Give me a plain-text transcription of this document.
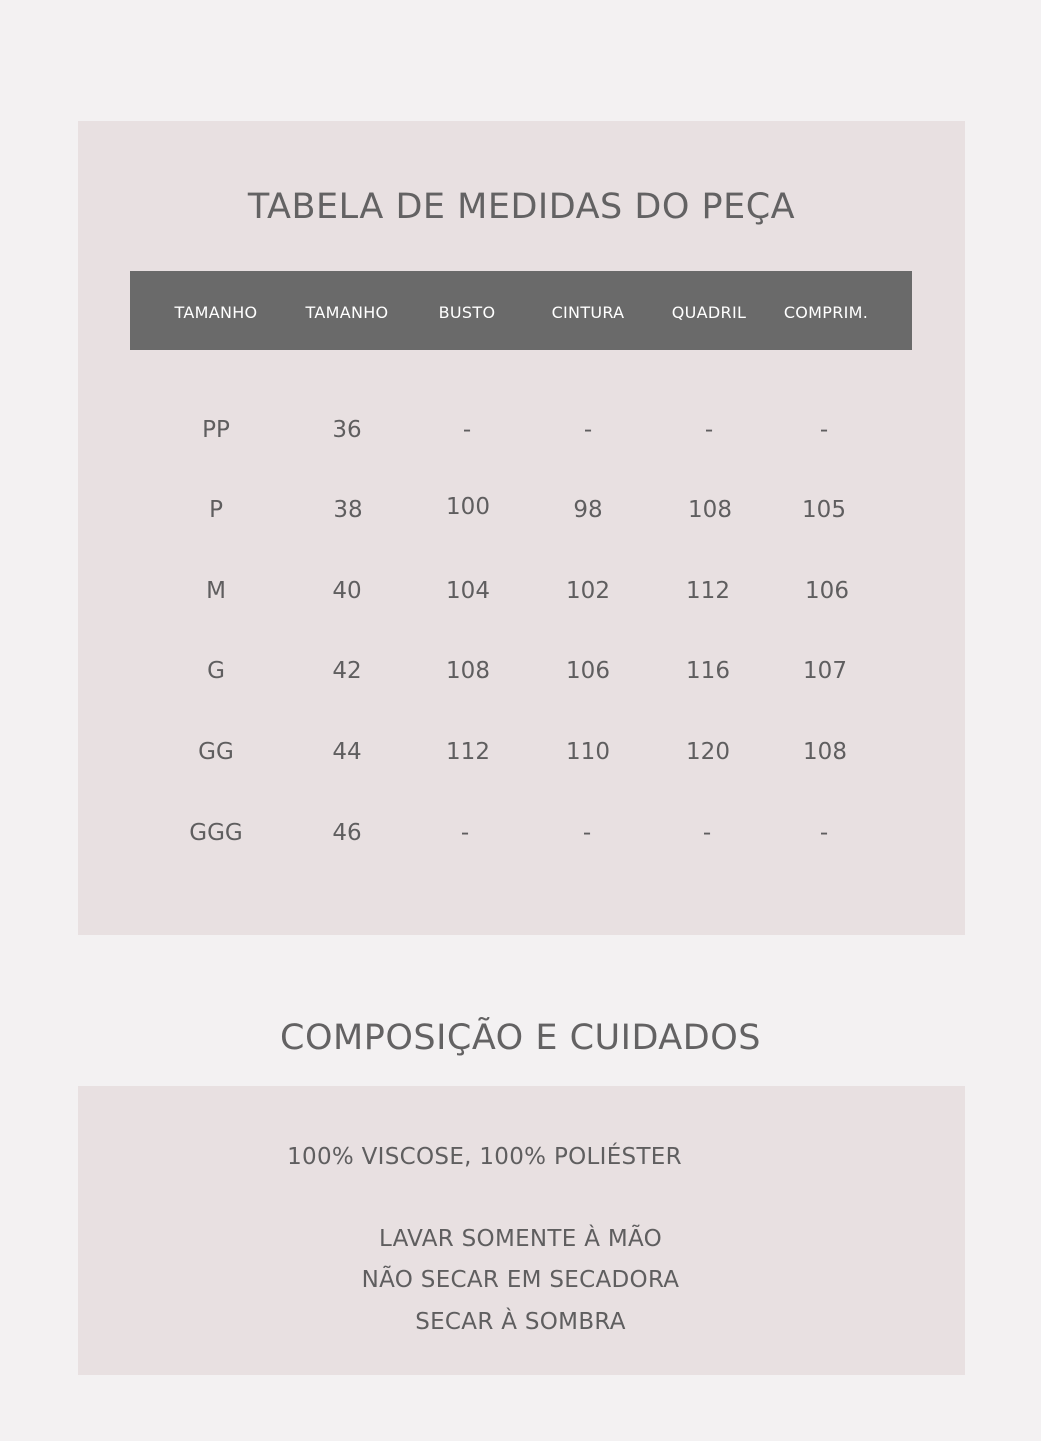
TABELA DE MEDIDAS DO PEÇA
TAMANHO	TAMANHO	BUSTO	CINTURA	QUADRIL	COMPRIM.
PP	36	-	-	-	-
P	38	100	98	108	105
M	40	104	102	112	106
G	42	108	106	116	107
GG	44	112	110	120	108
GGG	46	-	-	-	-
COMPOSIÇÃO E CUIDADOS
100% VISCOSE, 100% POLIÉSTER
LAVAR SOMENTE À MÃO
NÃO SECAR EM SECADORA
SECAR À SOMBRA
